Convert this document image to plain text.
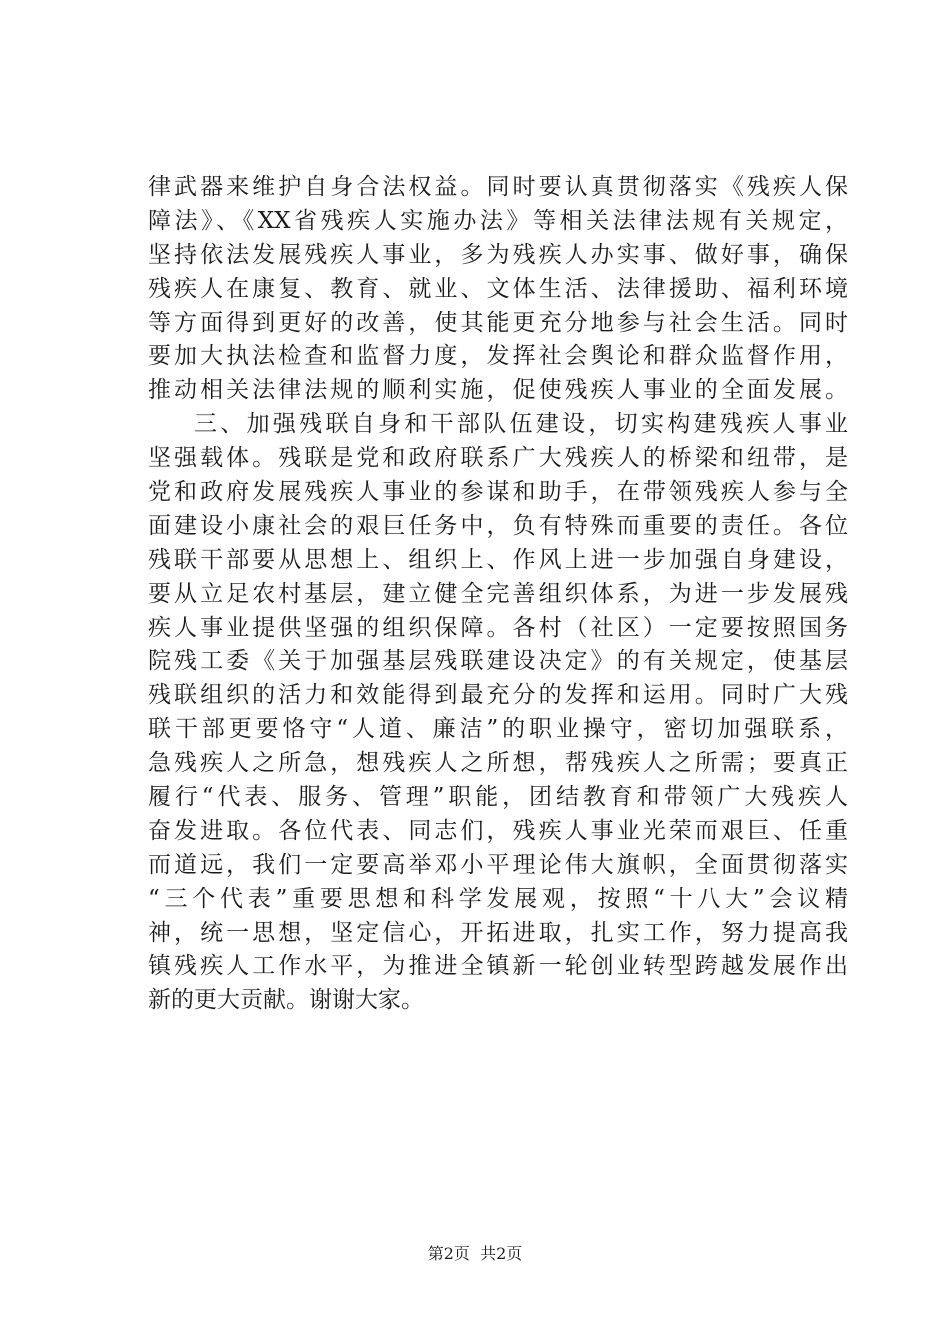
律武器来维护自身合法权益。同时要认真贯彻落实《残疾人保
障法》、《XX省残疾人实施办法》等相关法律法规有关规定，
坚持依法发展残疾人事业，多为残疾人办实事、做好事，确保
残疾人在康复、教育、就业、文体生活、法律援助、福利环境
等方面得到更好的改善，使其能更充分地参与社会生活。同时
要加大执法检查和监督力度，发挥社会舆论和群众监督作用，
推动相关法律法规的顺利实施，促使残疾人事业的全面发展。
三、加强残联自身和干部队伍建设，切实构建残疾人事业
坚强载体。残联是党和政府联系广大残疾人的桥梁和纽带，是
党和政府发展残疾人事业的参谋和助手，在带领残疾人参与全
面建设小康社会的艰巨任务中，负有特殊而重要的责任。各位
残联干部要从思想上、组织上、作风上进一步加强自身建设，
要从立足农村基层，建立健全完善组织体系，为进一步发展残
疾人事业提供坚强的组织保障。各村（社区）一定要按照国务
院残工委《关于加强基层残联建设决定》的有关规定，使基层
残联组织的活力和效能得到最充分的发挥和运用。同时广大残
联干部更要恪守“人道、廉洁”的职业操守，密切加强联系，
急残疾人之所急，想残疾人之所想，帮残疾人之所需；要真正
履行“代表、服务、管理”职能，团结教育和带领广大残疾人
奋发进取。各位代表、同志们，残疾人事业光荣而艰巨、任重
而道远，我们一定要高举邓小平理论伟大旗帜，全面贯彻落实
“三个代表”重要思想和科学发展观，按照“十八大”会议精
神，统一思想，坚定信心，开拓进取，扎实工作，努力提高我
镇残疾人工作水平，为推进全镇新一轮创业转型跨越发展作出
新的更大贡献。谢谢大家。
第2页  共2页
